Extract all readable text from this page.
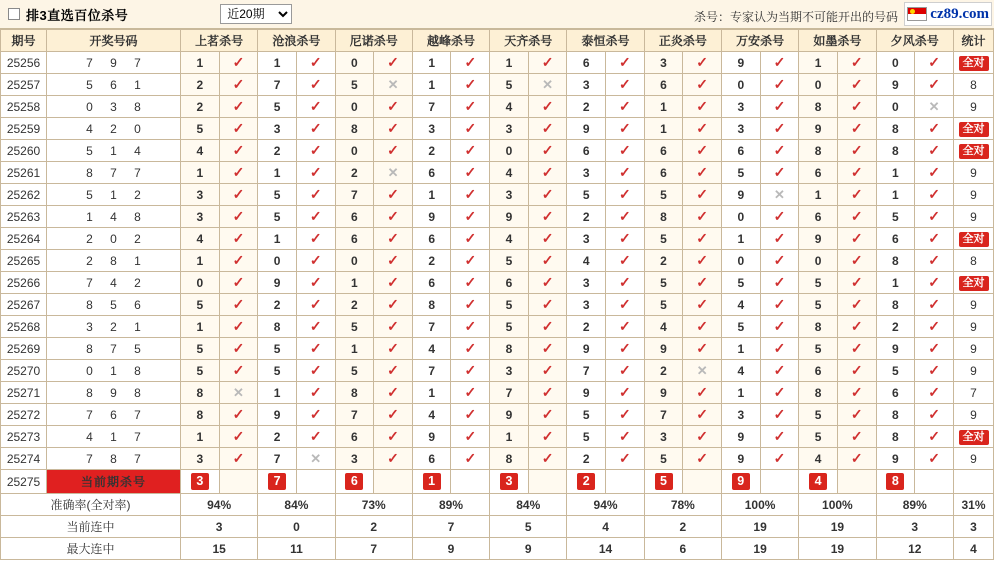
排3直选百位杀号
近20期	杀号：专家认为当期不可能开出的号码 cz89.com
期号	开奖号码	上茗杀号		沧浪杀号		尼诺杀号		越峰杀号		天齐杀号		泰恒杀号		正炎杀号		万安杀号		如墨杀号		夕风杀号		统计
25256	7 9 7	1	✓	1	✓	0	✓	1	✓	1	✓	6	✓	3	✓	9	✓	1	✓	0	✓	全对
25257	5 6 1	2	✓	7	✓	5	✕	1	✓	5	✕	3	✓	6	✓	0	✓	0	✓	9	✓	8
25258	0 3 8	2	✓	5	✓	0	✓	7	✓	4	✓	2	✓	1	✓	3	✓	8	✓	0	✕	9
25259	4 2 0	5	✓	3	✓	8	✓	3	✓	3	✓	9	✓	1	✓	3	✓	9	✓	8	✓	全对
25260	5 1 4	4	✓	2	✓	0	✓	2	✓	0	✓	6	✓	6	✓	6	✓	8	✓	8	✓	全对
25261	8 7 7	1	✓	1	✓	2	✕	6	✓	4	✓	3	✓	6	✓	5	✓	6	✓	1	✓	9
25262	5 1 2	3	✓	5	✓	7	✓	1	✓	3	✓	5	✓	5	✓	9	✕	1	✓	1	✓	9
25263	1 4 8	3	✓	5	✓	6	✓	9	✓	9	✓	2	✓	8	✓	0	✓	6	✓	5	✓	9
25264	2 0 2	4	✓	1	✓	6	✓	6	✓	4	✓	3	✓	5	✓	1	✓	9	✓	6	✓	全对
25265	2 8 1	1	✓	0	✓	0	✓	2	✓	5	✓	4	✓	2	✓	0	✓	0	✓	8	✓	8
25266	7 4 2	0	✓	9	✓	1	✓	6	✓	6	✓	3	✓	5	✓	5	✓	5	✓	1	✓	全对
25267	8 5 6	5	✓	2	✓	2	✓	8	✓	5	✓	3	✓	5	✓	4	✓	5	✓	8	✓	9
25268	3 2 1	1	✓	8	✓	5	✓	7	✓	5	✓	2	✓	4	✓	5	✓	8	✓	2	✓	9
25269	8 7 5	5	✓	5	✓	1	✓	4	✓	8	✓	9	✓	9	✓	1	✓	5	✓	9	✓	9
25270	0 1 8	5	✓	5	✓	5	✓	7	✓	3	✓	7	✓	2	✕	4	✓	6	✓	5	✓	9
25271	8 9 8	8	✕	1	✓	8	✓	1	✓	7	✓	9	✓	9	✓	1	✓	8	✓	6	✓	7
25272	7 6 7	8	✓	9	✓	7	✓	4	✓	9	✓	5	✓	7	✓	3	✓	5	✓	8	✓	9
25273	4 1 7	1	✓	2	✓	6	✓	9	✓	1	✓	5	✓	3	✓	9	✓	5	✓	8	✓	全对
25274	7 8 7	3	✓	7	✕	3	✓	6	✓	8	✓	2	✓	5	✓	9	✓	4	✓	9	✓	9
25275	当前期杀号	3		7		6		1		3		2		5		9		4		8		
准确率(全对率)		94%		84%		73%		89%		84%		94%		78%		100%		100%		89%		31%
当前连中		3		0		2		7		5		4		2		19		19		3		3
最大连中		15		11		7		9		9		14		6		19		19		12		4
